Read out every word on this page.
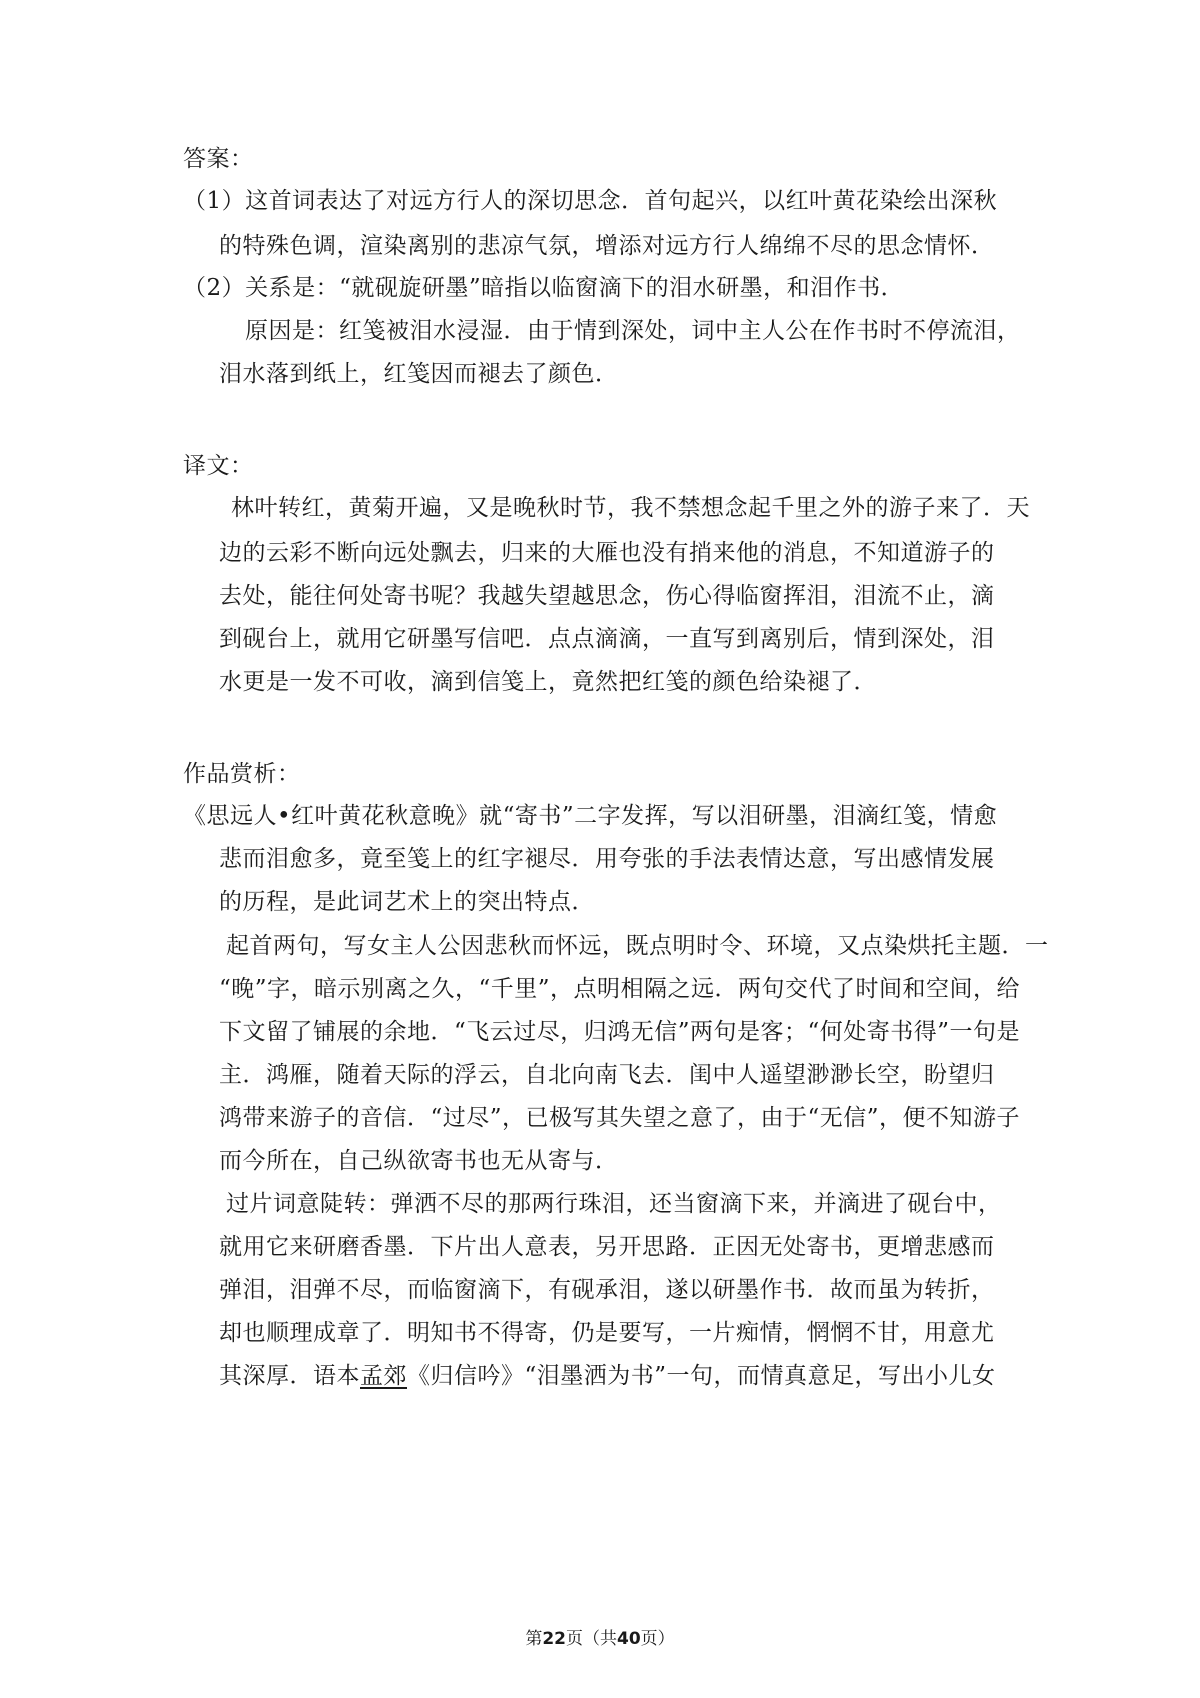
答案：
（1）这首词表达了对远方行人的深切思念．首句起兴，以红叶黄花染绘出深秋
的特殊色调，渲染离别的悲凉气氛，增添对远方行人绵绵不尽的思念情怀．
（2）关系是：“就砚旋研墨”暗指以临窗滴下的泪水研墨，和泪作书．
原因是：红笺被泪水浸湿．由于情到深处，词中主人公在作书时不停流泪，
泪水落到纸上，红笺因而褪去了颜色．
译文：
林叶转红，黄菊开遍，又是晚秋时节，我不禁想念起千里之外的游子来了．天
边的云彩不断向远处飘去，归来的大雁也没有捎来他的消息，不知道游子的
去处，能往何处寄书呢？我越失望越思念，伤心得临窗挥泪，泪流不止，滴
到砚台上，就用它研墨写信吧．点点滴滴，一直写到离别后，情到深处，泪
水更是一发不可收，滴到信笺上，竟然把红笺的颜色给染褪了．
作品赏析：
《思远人•红叶黄花秋意晚》就“寄书”二字发挥，写以泪研墨，泪滴红笺，情愈
悲而泪愈多，竟至笺上的红字褪尽．用夸张的手法表情达意，写出感情发展
的历程，是此词艺术上的突出特点．
起首两句，写女主人公因悲秋而怀远，既点明时令、环境，又点染烘托主题．一
“晚”字，暗示别离之久，“千里”，点明相隔之远．两句交代了时间和空间，给
下文留了铺展的余地．“飞云过尽，归鸿无信”两句是客；“何处寄书得”一句是
主．鸿雁，随着天际的浮云，自北向南飞去．闺中人遥望渺渺长空，盼望归
鸿带来游子的音信．“过尽”，已极写其失望之意了，由于“无信”，便不知游子
而今所在，自己纵欲寄书也无从寄与．
过片词意陡转：弹洒不尽的那两行珠泪，还当窗滴下来，并滴进了砚台中，
就用它来研磨香墨．下片出人意表，另开思路．正因无处寄书，更增悲感而
弹泪，泪弹不尽，而临窗滴下，有砚承泪，遂以研墨作书．故而虽为转折，
却也顺理成章了．明知书不得寄，仍是要写，一片痴情，惘惘不甘，用意尤
其深厚．语本孟郊《归信吟》“泪墨洒为书”一句，而情真意足，写出小儿女
第22页（共40页）
